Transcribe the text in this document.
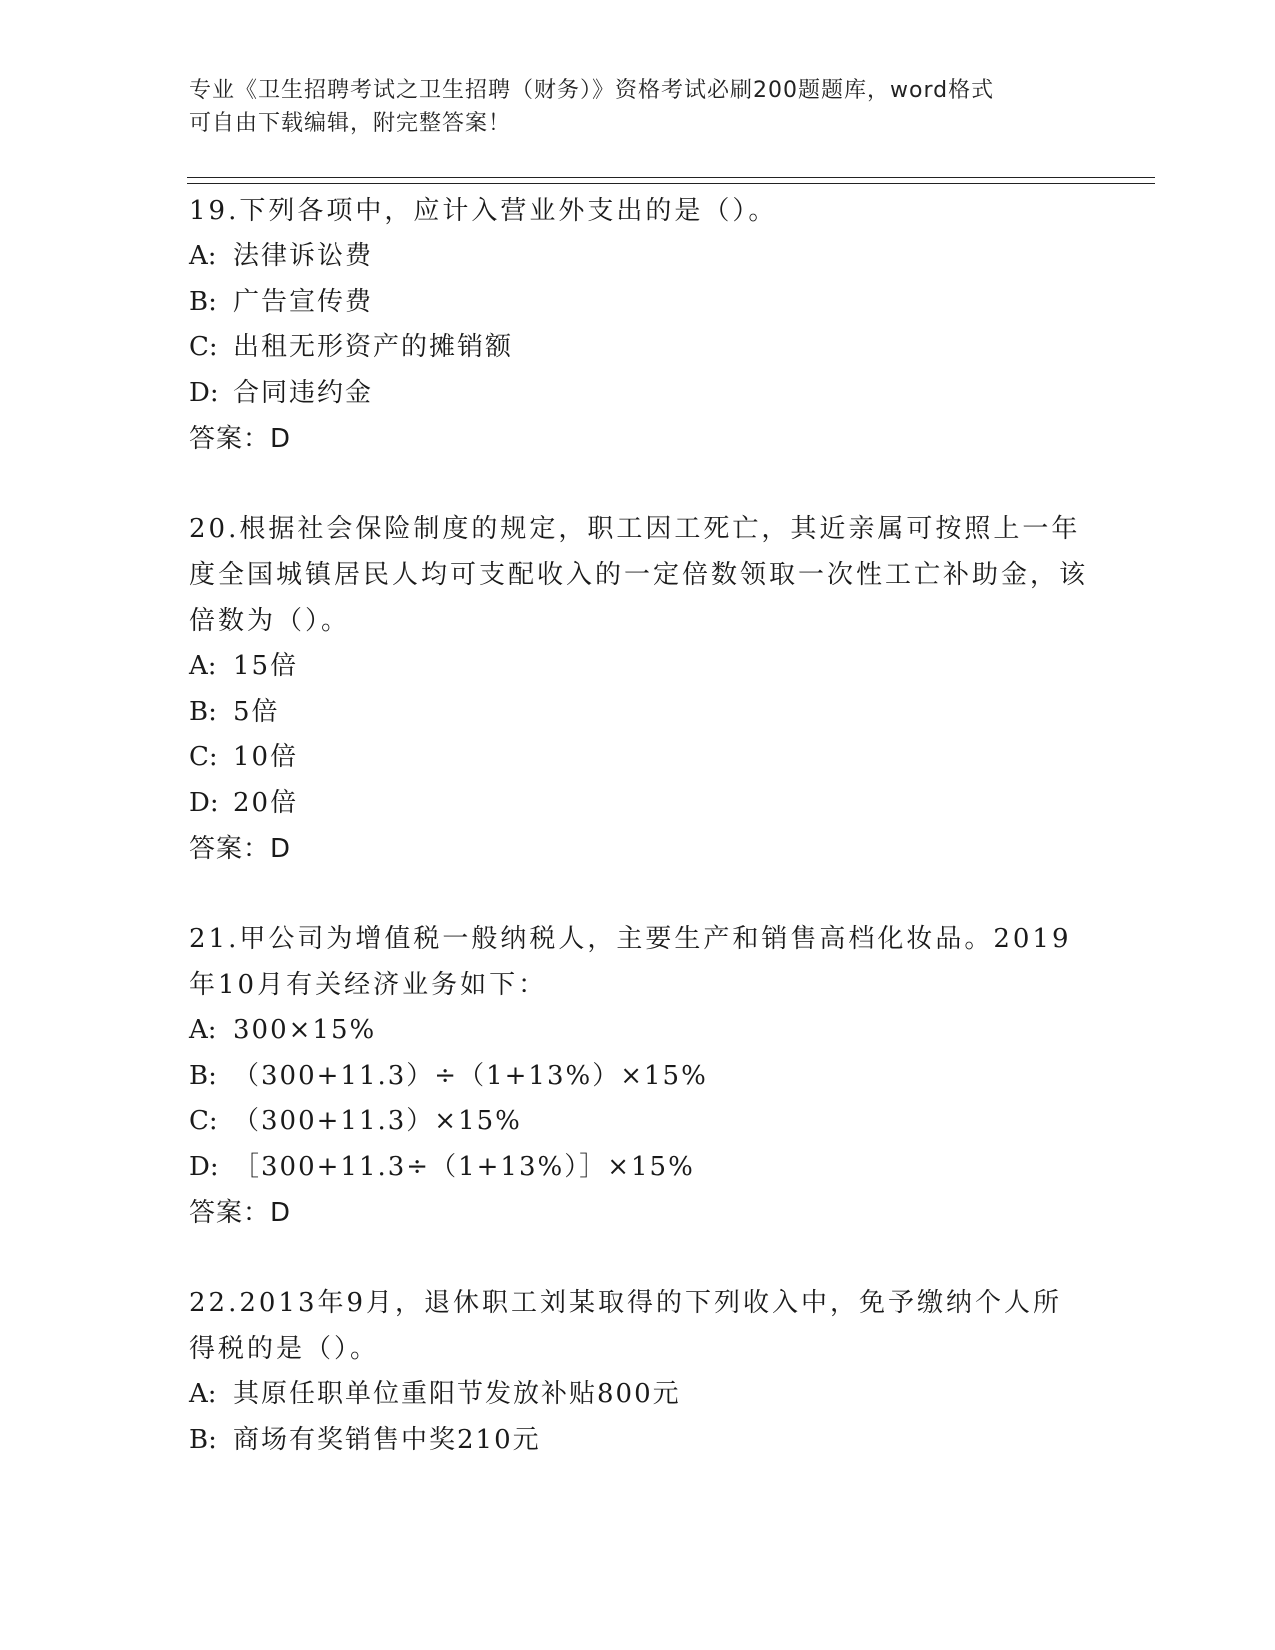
专业《卫生招聘考试之卫生招聘（财务）》资格考试必刷200题题库，word格式
可自由下载编辑，附完整答案！
19.下列各项中，应计入营业外支出的是（）。
A: 法律诉讼费
B: 广告宣传费
C: 出租无形资产的摊销额
D: 合同违约金
答案：D
20.根据社会保险制度的规定，职工因工死亡，其近亲属可按照上一年度全国城镇居民人均可支配收入的一定倍数领取一次性工亡补助金，该倍数为（）。
A: 15倍
B: 5倍
C: 10倍
D: 20倍
答案：D
21.甲公司为增值税一般纳税人，主要生产和销售高档化妆品。2019年10月有关经济业务如下：
A: 300×15%
B: （300+11.3）÷（1+13%）×15%
C: （300+11.3）×15%
D: ［300+11.3÷（1+13%）］×15%
答案：D
22.2013年9月，退休职工刘某取得的下列收入中，免予缴纳个人所得税的是（）。
A: 其原任职单位重阳节发放补贴800元
B: 商场有奖销售中奖210元
